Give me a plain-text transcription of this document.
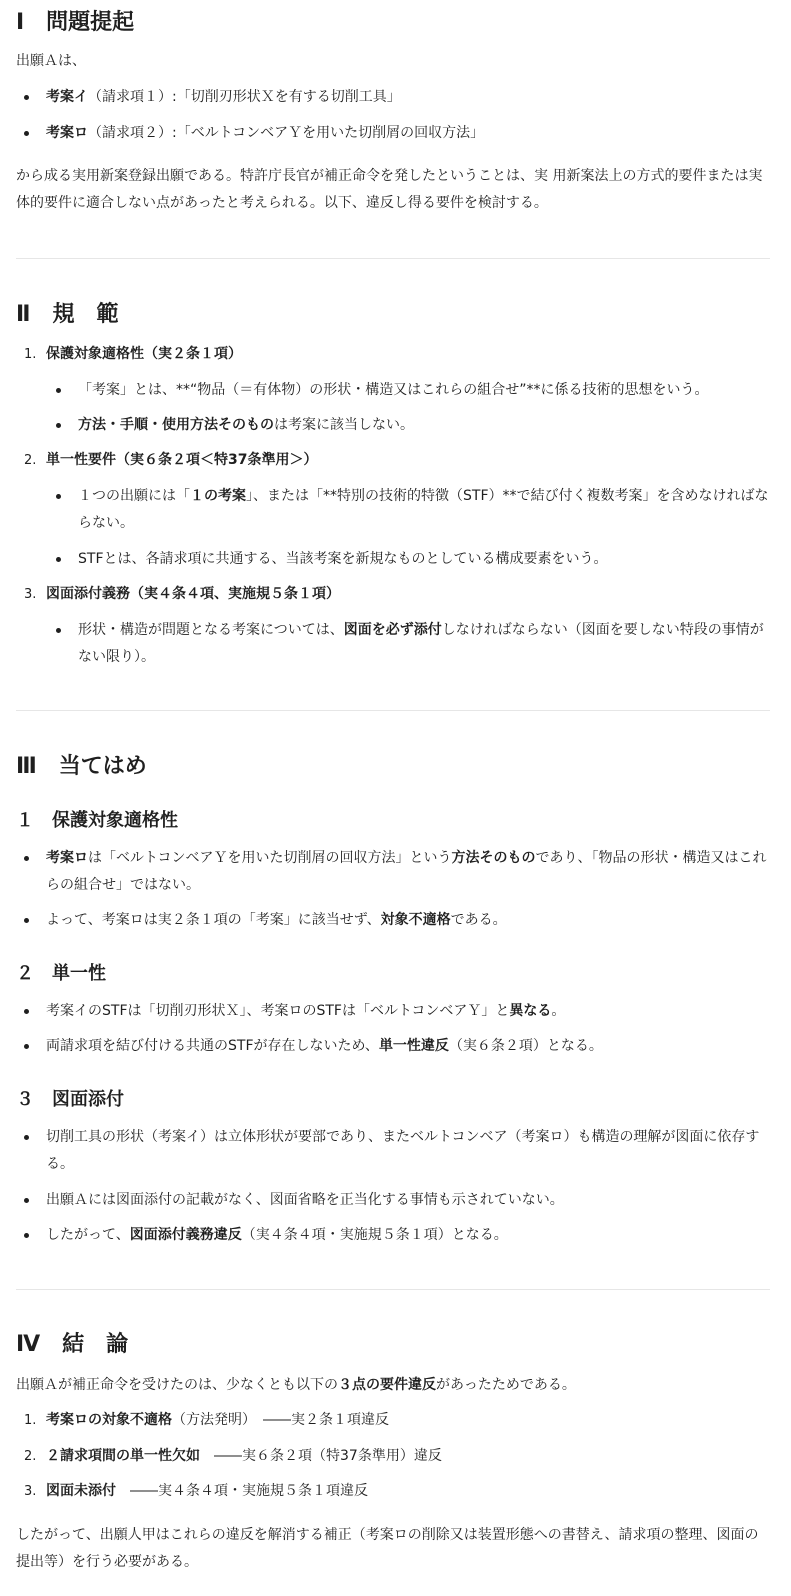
Ⅰ　問題提起

出願Ａは、

考案イ（請求項１）:「切削刃形状Ｘを有する切削工具」
考案ロ（請求項２）:「ベルトコンベアＹを用いた切削屑の回収方法」

から成る実用新案登録出願である。特許庁長官が補正命令を発したということは、実 用新案法上の方式的要件または実体的要件に適合しない点があったと考えられる。以下、違反し得る要件を検討する。

Ⅱ　規　範
1. 保護対象適格性（実２条１項）
「考案」とは、**“物品（＝有体物）の形状・構造又はこれらの組合せ”**に係る技術的思想をいう。
方法・手順・使用方法そのものは考案に該当しない。
2. 単一性要件（実６条２項＜特37条準用＞）
１つの出願には「１の考案」、または「**特別の技術的特徴（STF）**で結び付く複数考案」を含めなければならない。
STFとは、各請求項に共通する、当該考案を新規なものとしている構成要素をいう。
3. 図面添付義務（実４条４項、実施規５条１項）
形状・構造が問題となる考案については、図面を必ず添付しなければならない（図面を要しない特段の事情がない限り）。
Ⅲ　当てはめ
１　保護対象適格性
考案ロは「ベルトコンベアＹを用いた切削屑の回収方法」という方法そのものであり、「物品の形状・構造又はこれらの組合せ」ではない。
よって、考案ロは実２条１項の「考案」に該当せず、対象不適格である。
２　単一性
考案イのSTFは「切削刃形状Ｘ」、考案ロのSTFは「ベルトコンベアＹ」と異なる。
両請求項を結び付ける共通のSTFが存在しないため、単一性違反（実６条２項）となる。
３　図面添付
切削工具の形状（考案イ）は立体形状が要部であり、またベルトコンベア（考案ロ）も構造の理解が図面に依存する。
出願Ａには図面添付の記載がなく、図面省略を正当化する事情も示されていない。
したがって、図面添付義務違反（実４条４項・実施規５条１項）となる。
Ⅳ　結　論

出願Ａが補正命令を受けたのは、少なくとも以下の３点の要件違反があったためである。

1. 考案ロの対象不適格（方法発明）　――実２条１項違反
2. ２請求項間の単一性欠如　――実６条２項（特37条準用）違反
3. 図面未添付　――実４条４項・実施規５条１項違反

したがって、出願人甲はこれらの違反を解消する補正（考案ロの削除又は装置形態への書替え、請求項の整理、図面の提出等）を行う必要がある。
